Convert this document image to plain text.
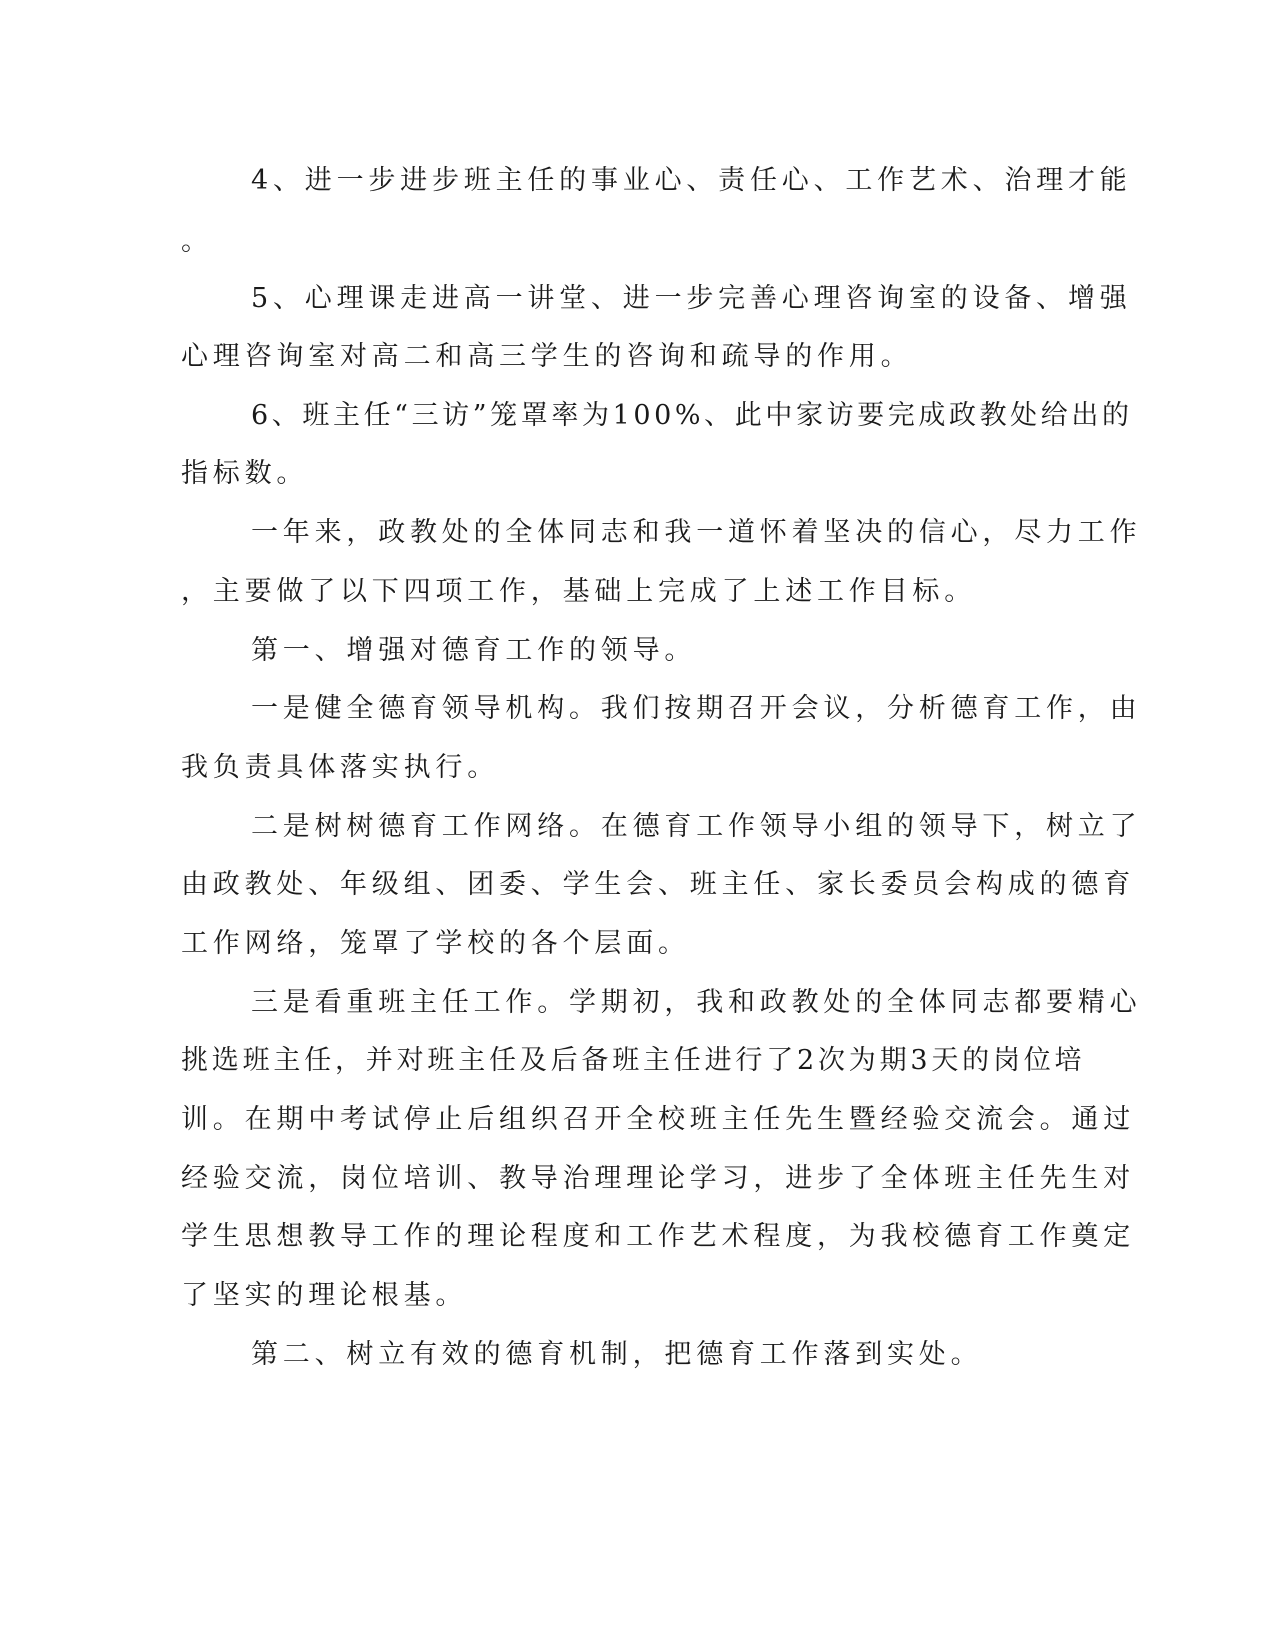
4、进一步进步班主任的事业心、责任心、工作艺术、治理才能
。
5、心理课走进高一讲堂、进一步完善心理咨询室的设备、增强
心理咨询室对高二和高三学生的咨询和疏导的作用。
6、班主任“三访”笼罩率为100%、此中家访要完成政教处给出的
指标数。
一年来，政教处的全体同志和我一道怀着坚决的信心，尽力工作
，主要做了以下四项工作，基础上完成了上述工作目标。
第一、增强对德育工作的领导。
一是健全德育领导机构。我们按期召开会议，分析德育工作，由
我负责具体落实执行。
二是树树德育工作网络。在德育工作领导小组的领导下，树立了
由政教处、年级组、团委、学生会、班主任、家长委员会构成的德育
工作网络，笼罩了学校的各个层面。
三是看重班主任工作。学期初，我和政教处的全体同志都要精心
挑选班主任，并对班主任及后备班主任进行了2次为期3天的岗位培
训。在期中考试停止后组织召开全校班主任先生暨经验交流会。通过
经验交流，岗位培训、教导治理理论学习，进步了全体班主任先生对
学生思想教导工作的理论程度和工作艺术程度，为我校德育工作奠定
了坚实的理论根基。
第二、树立有效的德育机制，把德育工作落到实处。
